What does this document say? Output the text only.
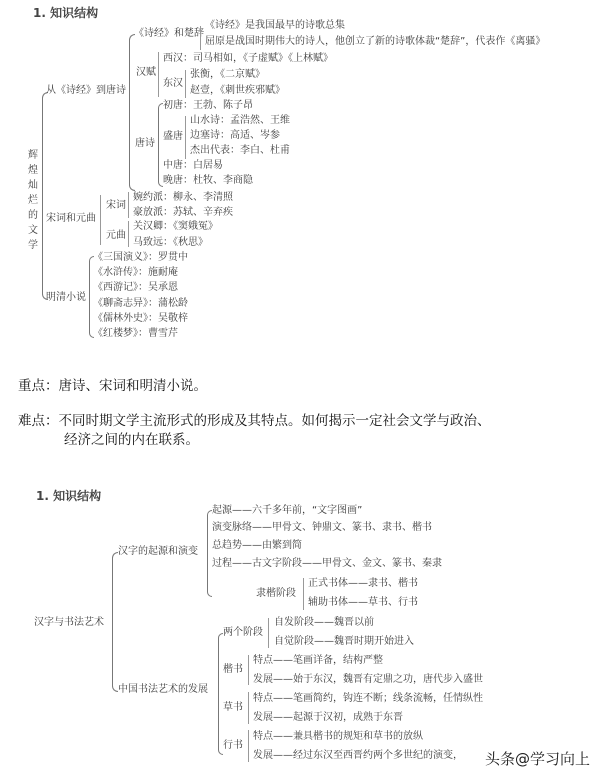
1. 知识结构
辉煌灿烂的文学
从《诗经》到唐诗
《诗经》和楚辞
《诗经》是我国最早的诗歌总集
屈原是战国时期伟大的诗人，他创立了新的诗歌体裁“楚辞”，代表作《离骚》
汉赋
西汉：司马相如，《子虚赋》《上林赋》
东汉
张衡，《二京赋》
赵壹，《刺世疾邪赋》
唐诗
初唐：王勃、陈子昂
盛唐
山水诗：孟浩然、王维
边塞诗：高适、岑参
杰出代表：李白、杜甫
中唐：白居易
晚唐：杜牧、李商隐
宋词和元曲
宋词
婉约派：柳永、李清照
豪放派：苏轼、辛弃疾
元曲
关汉卿：《窦娥冤》
马致远：《秋思》
明清小说
《三国演义》：罗贯中
《水浒传》：施耐庵
《西游记》：吴承恩
《聊斋志异》：蒲松龄
《儒林外史》：吴敬梓
《红楼梦》：曹雪芹
重点：唐诗、宋词和明清小说。
难点：不同时期文学主流形式的形成及其特点。如何揭示一定社会文学与政治、
经济之间的内在联系。
1. 知识结构
汉字与书法艺术
汉字的起源和演变
起源——六千多年前，“文字图画”
演变脉络——甲骨文、钟鼎文、篆书、隶书、楷书
总趋势——由繁到简
过程——古文字阶段——甲骨文、金文、篆书、秦隶
隶楷阶段
正式书体——隶书、楷书
辅助书体——草书、行书
中国书法艺术的发展
两个阶段
自发阶段——魏晋以前
自觉阶段——魏晋时期开始进入
楷书
特点——笔画详备，结构严整
发展——始于东汉，魏晋有定鼎之功，唐代步入盛世
草书
特点——笔画简约，钩连不断；线条流畅，任情纵性
发展——起源于汉初，成熟于东晋
行书
特点——兼具楷书的规矩和草书的放纵
发展——经过东汉至西晋约两个多世纪的演变， 头条@学习向上
